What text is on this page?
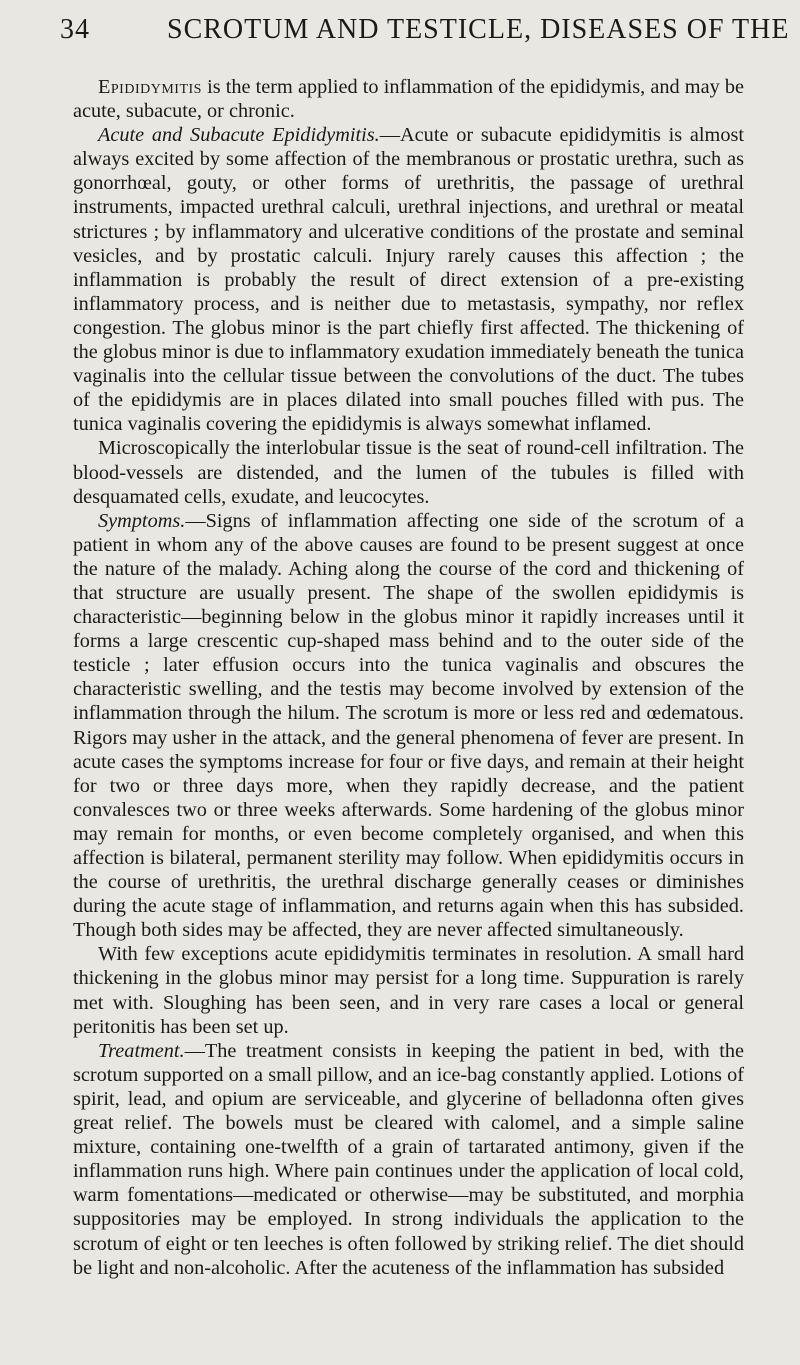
34	SCROTUM AND TESTICLE, DISEASES OF THE

Epididymitis is the term applied to inflammation of the epididymis, and may be acute, subacute, or chronic.

Acute and Subacute Epididymitis.—Acute or subacute epididymitis is almost always excited by some affection of the membranous or prostatic urethra, such as gonorrhœal, gouty, or other forms of urethritis, the passage of urethral instruments, impacted urethral calculi, urethral injections, and urethral or meatal strictures ; by inflammatory and ulcerative conditions of the prostate and seminal vesicles, and by prostatic calculi. Injury rarely causes this affection ; the inflammation is probably the result of direct extension of a pre-existing inflammatory process, and is neither due to metastasis, sympathy, nor reflex congestion. The globus minor is the part chiefly first affected. The thickening of the globus minor is due to inflammatory exudation immediately beneath the tunica vaginalis into the cellular tissue between the convolutions of the duct. The tubes of the epididymis are in places dilated into small pouches filled with pus. The tunica vaginalis covering the epididymis is always somewhat inflamed.

Microscopically the interlobular tissue is the seat of round-cell infiltration. The blood-vessels are distended, and the lumen of the tubules is filled with desquamated cells, exudate, and leucocytes.

Symptoms.—Signs of inflammation affecting one side of the scrotum of a patient in whom any of the above causes are found to be present suggest at once the nature of the malady. Aching along the course of the cord and thickening of that structure are usually present. The shape of the swollen epididymis is characteristic—beginning below in the globus minor it rapidly increases until it forms a large crescentic cup-shaped mass behind and to the outer side of the testicle ; later effusion occurs into the tunica vaginalis and obscures the characteristic swelling, and the testis may become involved by extension of the inflammation through the hilum. The scrotum is more or less red and œdematous. Rigors may usher in the attack, and the general phenomena of fever are present. In acute cases the symptoms increase for four or five days, and remain at their height for two or three days more, when they rapidly decrease, and the patient convalesces two or three weeks afterwards. Some hardening of the globus minor may remain for months, or even become completely organised, and when this affection is bilateral, permanent sterility may follow. When epididymitis occurs in the course of urethritis, the urethral discharge generally ceases or diminishes during the acute stage of inflammation, and returns again when this has subsided. Though both sides may be affected, they are never affected simultaneously.

With few exceptions acute epididymitis terminates in resolution. A small hard thickening in the globus minor may persist for a long time. Suppuration is rarely met with. Sloughing has been seen, and in very rare cases a local or general peritonitis has been set up.

Treatment.—The treatment consists in keeping the patient in bed, with the scrotum supported on a small pillow, and an ice-bag constantly applied. Lotions of spirit, lead, and opium are serviceable, and glycerine of belladonna often gives great relief. The bowels must be cleared with calomel, and a simple saline mixture, containing one-twelfth of a grain of tartarated antimony, given if the inflammation runs high. Where pain continues under the application of local cold, warm fomentations—medicated or otherwise—may be substituted, and morphia suppositories may be employed. In strong individuals the application to the scrotum of eight or ten leeches is often followed by striking relief. The diet should be light and non-alcoholic. After the acuteness of the inflammation has subsided
